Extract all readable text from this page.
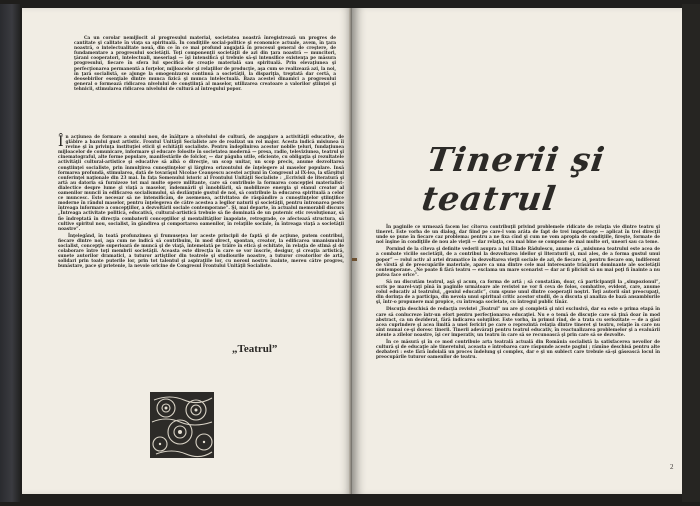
Ca un corolar nemijlocit al progresului material, societatea noastră înregistrează un progres de cantitate şi calitate în viaţa sa spirituală. În condiţiile social-politice şi economice actuale, avem, în ţara noastră, o intelectualitate nouă, din ce în ce mai profund angajată în procesul general de creştere, de fundamentare a progresului societăţii. Toţi componenţii societăţii de azi din ţara noastră — muncitori, ţărani cooperatori, intelectuali, meseriaşi — îşi intensifică şi trebuie să-şi intensifice existenţa pe măsura progresului, fiecare în sfera lui specifică de creaţie materială sau spirituală. Prin elevaţiunea şi perfecţionarea permanentă a forţelor, mijloacelor şi relaţiilor de producţie, aşa cum se realizează azi, la noi, în ţară socialistă, se ajunge la omogenizarea continuă a societăţii, la dispariţia, treptată dar certă, a deosebirilor esenţiale dintre munca fizică şi munca intelectuală. Baza acestei dinamici a progresului general o formează ridicarea nivelului de conştiinţă al maselor, utilizarea creatoare a valorilor ştiinţei şi tehnicii, stimularea ridicarea nivelului de cultură al întregului popor.

În acţiunea de formare a omului nou, de înălţare a nivelului de cultură, de angajare a activităţii educative, de glăbire a bazului gust artistic. Frontul Unităţii Socialiste are de realizat un rol major. Acesta indică misiunea îi revine şi în privinţa instituţiei eticii şi echităţii socialiste. Pentru îndeplinirea acestor nobile ţeluri, fundaţiunea mijloacelor de comunicare, informare şi educare folosite în societatea modernă — presa, radio, televiziunea, teatrul şi cinematograful, alte forme populare, manifestările de folclor, — dar păguba utile, eficiente, cu obligaţia şi rezultatele activităţii cultural-artistice şi educative să aibă o direcţie, un scop unitar, un scop precis, anume dezvoltarea conştiinţei socialiste, prin înmulţirea cunoştinţelor şi lărgirea orizontului de înţelegere al maselor populare. Insă formarea profundă, stimularea, dată de tovarăşul Nicolae Ceauşescu acestei acţiuni în Congresul al IX-lea, la sfârşitul conferinţei naţionale din 23 mai. În fața Somenului istoric al Frontului Unităţii Socialiste : „Ecrivisii de literatură şi artă au datoria să furnizeze tot mai multe opere militante, care să contribuie la formarea concepţiei materialist-dialectice despre lume şi viaţă a maselor, îndemnării şi înnobilării, să mobilizeze energia şi elanul creator al oamenilor muncii în edificarea socialismului, să dezlănţuie gustul de noi, să contribuie la educarea spirituală a celor ce muncesc. Este necesar să ne intensificăm, de asemenea, activitatea de răspândire a cunoştinţelor ştiinţifice moderne în rândul maselor, pentru înţelegerea de către acestea a legilor naturii şi societăţii, pentru întronarea peste întreaga informare a concepţiilor, a dezvoltării sociale contemporane”. Şi, mai departe, în actualul memorabil discurs „Întreaga activitate politică, educativă, cultural-artistică trebuie să fie dominată de un puternic etic revoluţionar, să fie îndreptată în direcţia combaterii concepţiilor şi mentalităţilor înapoiate, retrograde, ce afectează structura, să cultive spiritul nou, socialist, în gândirea şi comportarea oamenilor, în relaţiile sociale, în întreaga viaţă a societăţii noastre”.

Înţelegând, în toată profunzimea şi frumuseţea lor aceste principii de faptă şi de acţiune, putem contribui, fiecare dintre noi, aşa cum ne indică să contribuim, în mod direct, spontan, creator, la edificarea umanismului socialist, concepţie superioară de muncă şi de viaţă, întemeiată pe trăire în etică şi echitate, în relaţia de stimă şi de colaborare între toţi membrii societăţii. Aceasta este direcţia în care se vor înscrie, desigur, şi creaţia artistică, sunete autorilor dramatici, a tuturor artiştilor din teatrele şi studiourile noastre, a tuturor creatorilor de artă, solidari prin toate puterile lor, prin tot talentul şi aspiraţiile lor, cu noroul nostru înainte, mereu către progres, bunăstare, pace şi prietenie, la nevoie oricine de Congresul Frontului Unităţii Socialiste.

„Teatrul”
Tinerii şi teatrul

În paginile ce urmează facem loc cîtorva contribuţii privind problemele ridicate de relaţia vie dintre teatru şi tineret. Este vorba de un dialog, dar fiind pe care-l vom arăta de fapt de trei importanţe — aplicat în trei direcţii unde se pune în fiecare caz problema: pentru a ne fixa cînd şi cum ne vom apropia de condiţiile, fireşte, formate de noi înşine în condiţiile de nou ale vieţii — dar relaţia, cea mai bine se compune de mai multe ori, uneori sau ca teme.

Pornind de la cîteva şi definite vederii asupra a lui Eliade Rădulescu, anume că „misiunea teatrului este acea de a combate viciile societăţii, de a contribui la dezvoltarea ideilor şi literaturii şi, mai ales, de a forma gustul unui popor” — rolul activ al artei dramatice în dezvoltarea vieţii sociale de azi, de fiecare zi, pentru fiecare om, indiferent de vîrstă şi de preocupările materiale, apare ca una dintre cele mai interesante trăsături dominante ale societăţii contemporane. „Ne poate fi fără teatru — exclama un mare scenarist — dar ar fi plicisit să nu mai poţi fi înainte a nu putea face orice”.

Să nu discutăm teatrul, aşă şi acum, ca forma de artă ; să constatăm, doar, că participanţii la „simpozionul”, scris pe marel-vaţi pînă în paginile următoare ale revistei ne vor fi ceva de folos, combative, evident, care, anume rolul educativ al teatrului, „geniul educatic”, cum spune unul dintre cooperaţii noştri. Toţi autorii sînt preocupaţi, din dorinţa de a participa, din nevoia unui spiritual critic acestor studii, de a discuta şi analiza de bază ansamblurile şi, într-o propunere mai propice, cu întreaga societate, cu întregul public tînăr.

Discuţia deschisă de redacţia revistei „Teatrul” nu are şi completă şi nici exclusivă, dar ea este o prima etapă în care să conlucreze într-un efort pentru perfecţionarea educaţiei. Nu e o temă de discuţie care să ţină doar în mod abstract, ca un deziderat, fără indicarea soluţiilor. Este vorba, în primul rînd, de a trata cu seriozitate — de a găsi acea cuprindere şi acea limită a unei fericiri pe care o reprezintă relaţia dintre tineret şi teatru, relaţie în care nu sînt numai ce-şi doresc tinerii. Tinerii adevăraţi pentru teatrul educativ, în reactualizarea problemelor şi a evaluării atente a zilelor noastre, îşi cer imperativ, un teatru în care să se recunoască şi prin care să se dezvolte.

În ce măsură şi în ce mod contribuie arta teatrală actuală din România socialistă la satisfacerea nevoilor de cultură şi de educaţie ale tineretului, aceasta e întrebarea care răspunde aceste pagini ; rămîne deschisă pentru alte dezbateri : este fără îndoială un proces îndelung şi complex, dar e şi un subiect care trebuie să-şi găsească locul în preocupările tuturor oamenilor de teatru.

2
